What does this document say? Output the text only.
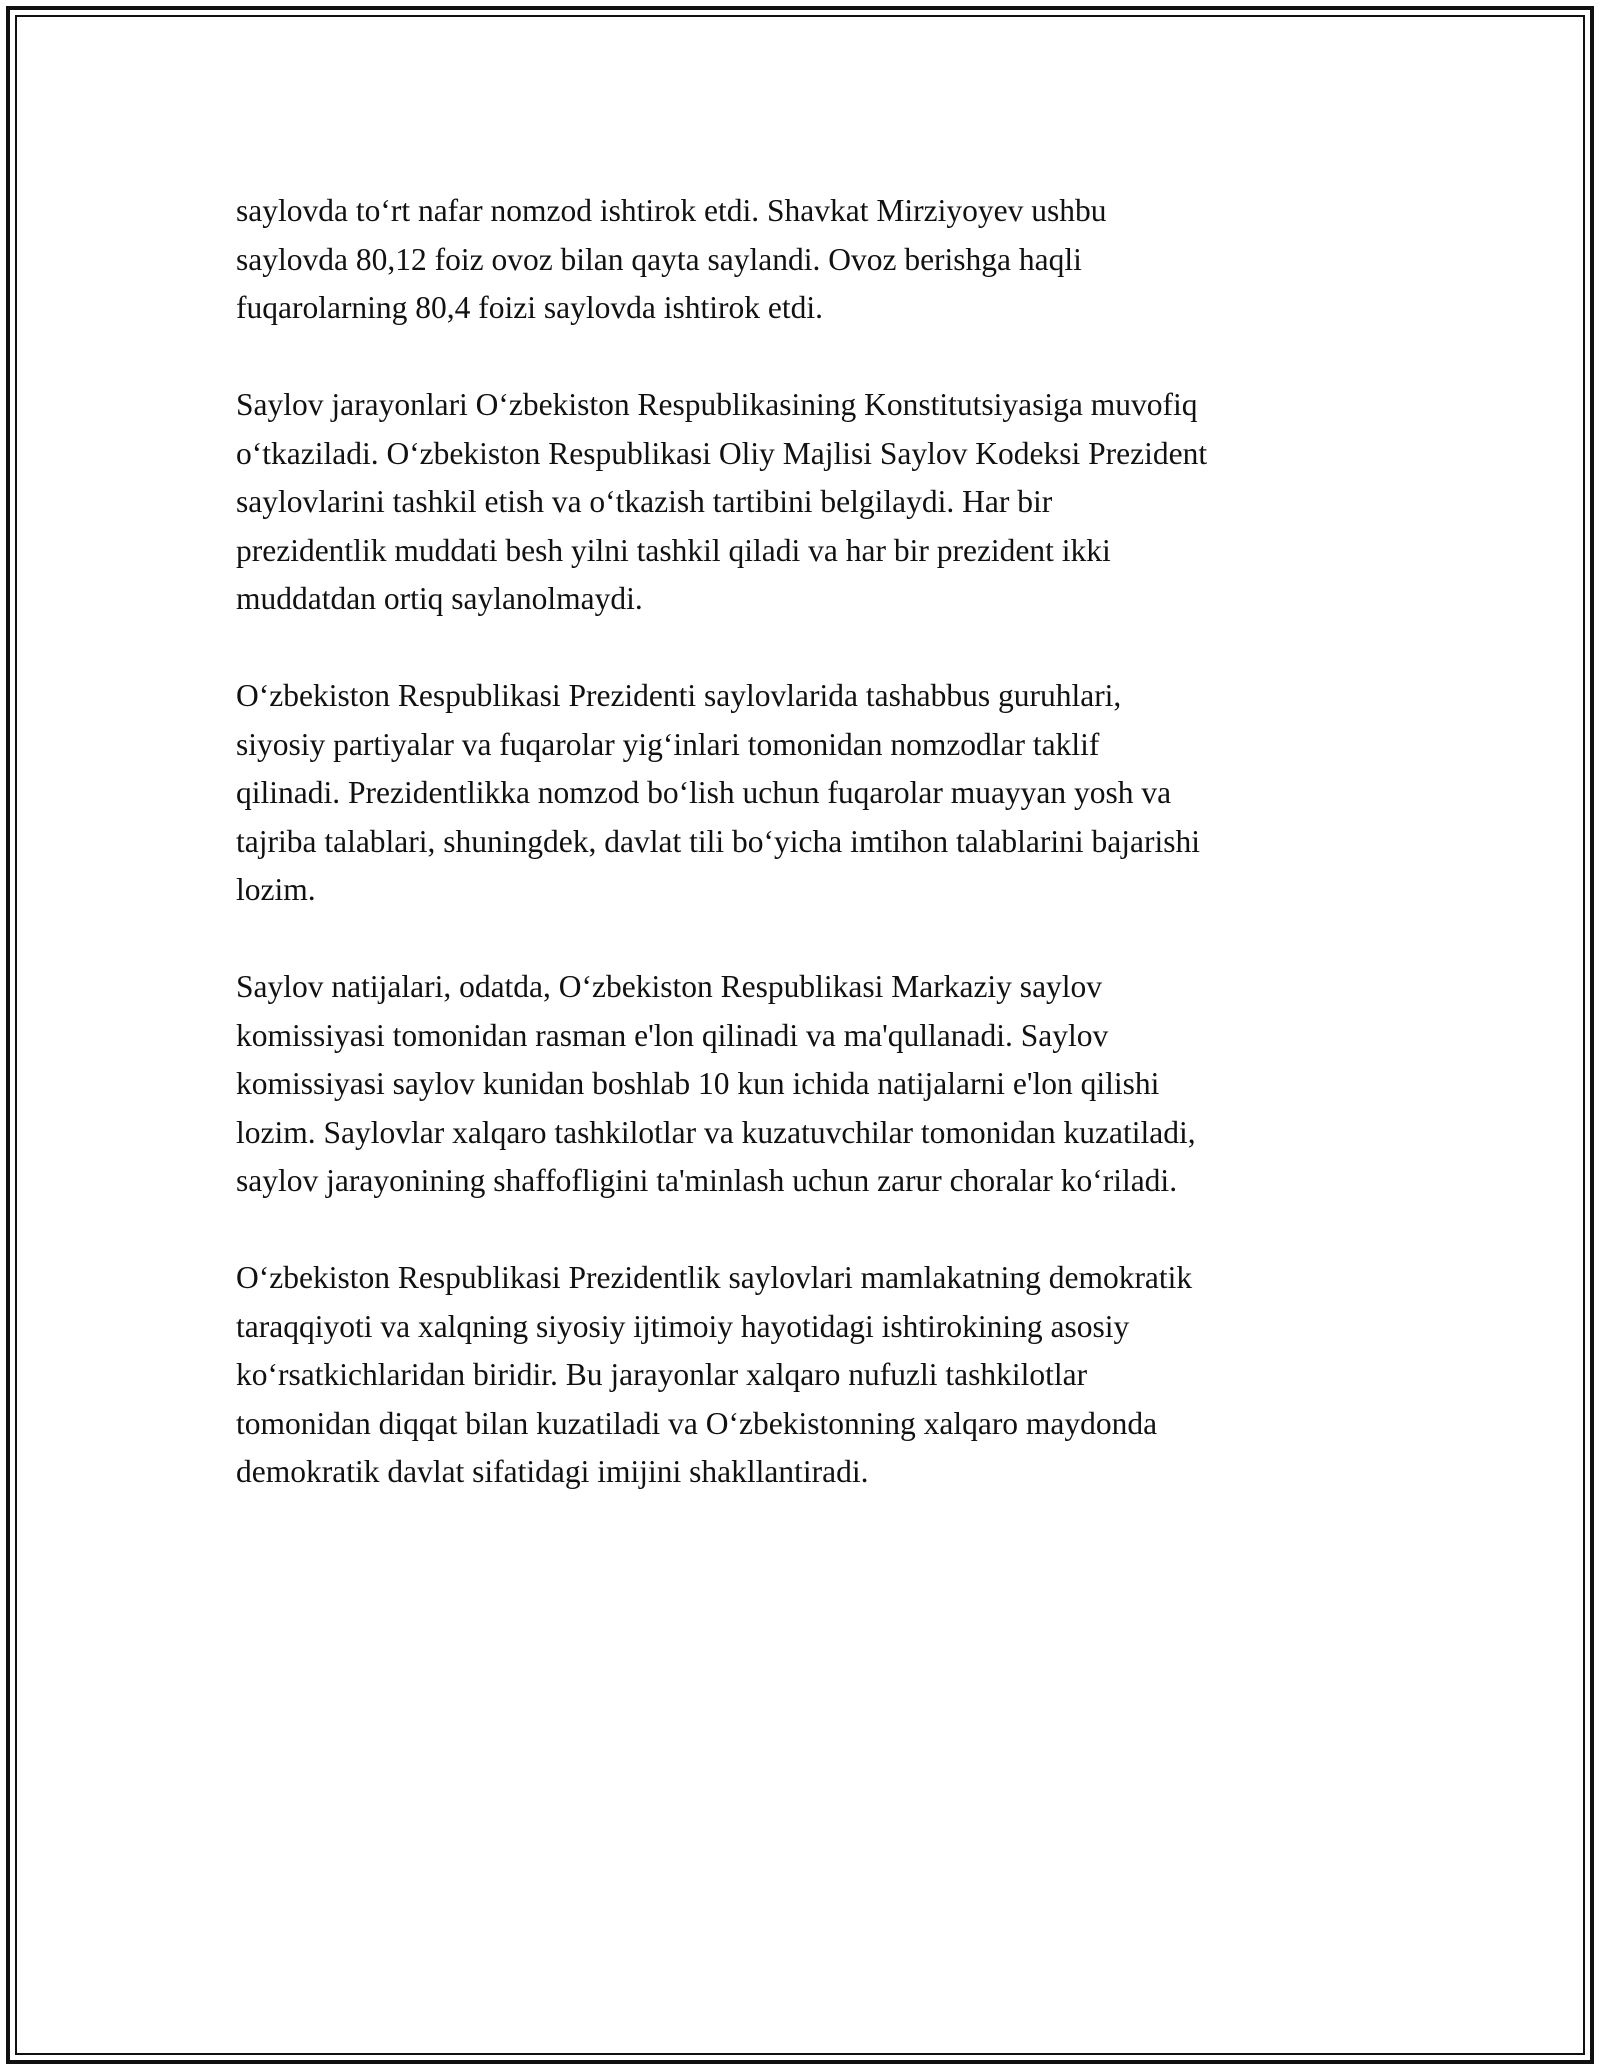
saylovda to‘rt nafar nomzod ishtirok etdi. Shavkat Mirziyoyev ushbu
saylovda 80,12 foiz ovoz bilan qayta saylandi. Ovoz berishga haqli
fuqarolarning 80,4 foizi saylovda ishtirok etdi.

Saylov jarayonlari O‘zbekiston Respublikasining Konstitutsiyasiga muvofiq
o‘tkaziladi. O‘zbekiston Respublikasi Oliy Majlisi Saylov Kodeksi Prezident
saylovlarini tashkil etish va o‘tkazish tartibini belgilaydi. Har bir
prezidentlik muddati besh yilni tashkil qiladi va har bir prezident ikki
muddatdan ortiq saylanolmaydi.

O‘zbekiston Respublikasi Prezidenti saylovlarida tashabbus guruhlari,
siyosiy partiyalar va fuqarolar yig‘inlari tomonidan nomzodlar taklif
qilinadi. Prezidentlikka nomzod bo‘lish uchun fuqarolar muayyan yosh va
tajriba talablari, shuningdek, davlat tili bo‘yicha imtihon talablarini bajarishi
lozim.

Saylov natijalari, odatda, O‘zbekiston Respublikasi Markaziy saylov
komissiyasi tomonidan rasman e'lon qilinadi va ma'qullanadi. Saylov
komissiyasi saylov kunidan boshlab 10 kun ichida natijalarni e'lon qilishi
lozim. Saylovlar xalqaro tashkilotlar va kuzatuvchilar tomonidan kuzatiladi,
saylov jarayonining shaffofligini ta'minlash uchun zarur choralar ko‘riladi.

O‘zbekiston Respublikasi Prezidentlik saylovlari mamlakatning demokratik
taraqqiyoti va xalqning siyosiy ijtimoiy hayotidagi ishtirokining asosiy
ko‘rsatkichlaridan biridir. Bu jarayonlar xalqaro nufuzli tashkilotlar
tomonidan diqqat bilan kuzatiladi va O‘zbekistonning xalqaro maydonda
demokratik davlat sifatidagi imijini shakllantiradi.
